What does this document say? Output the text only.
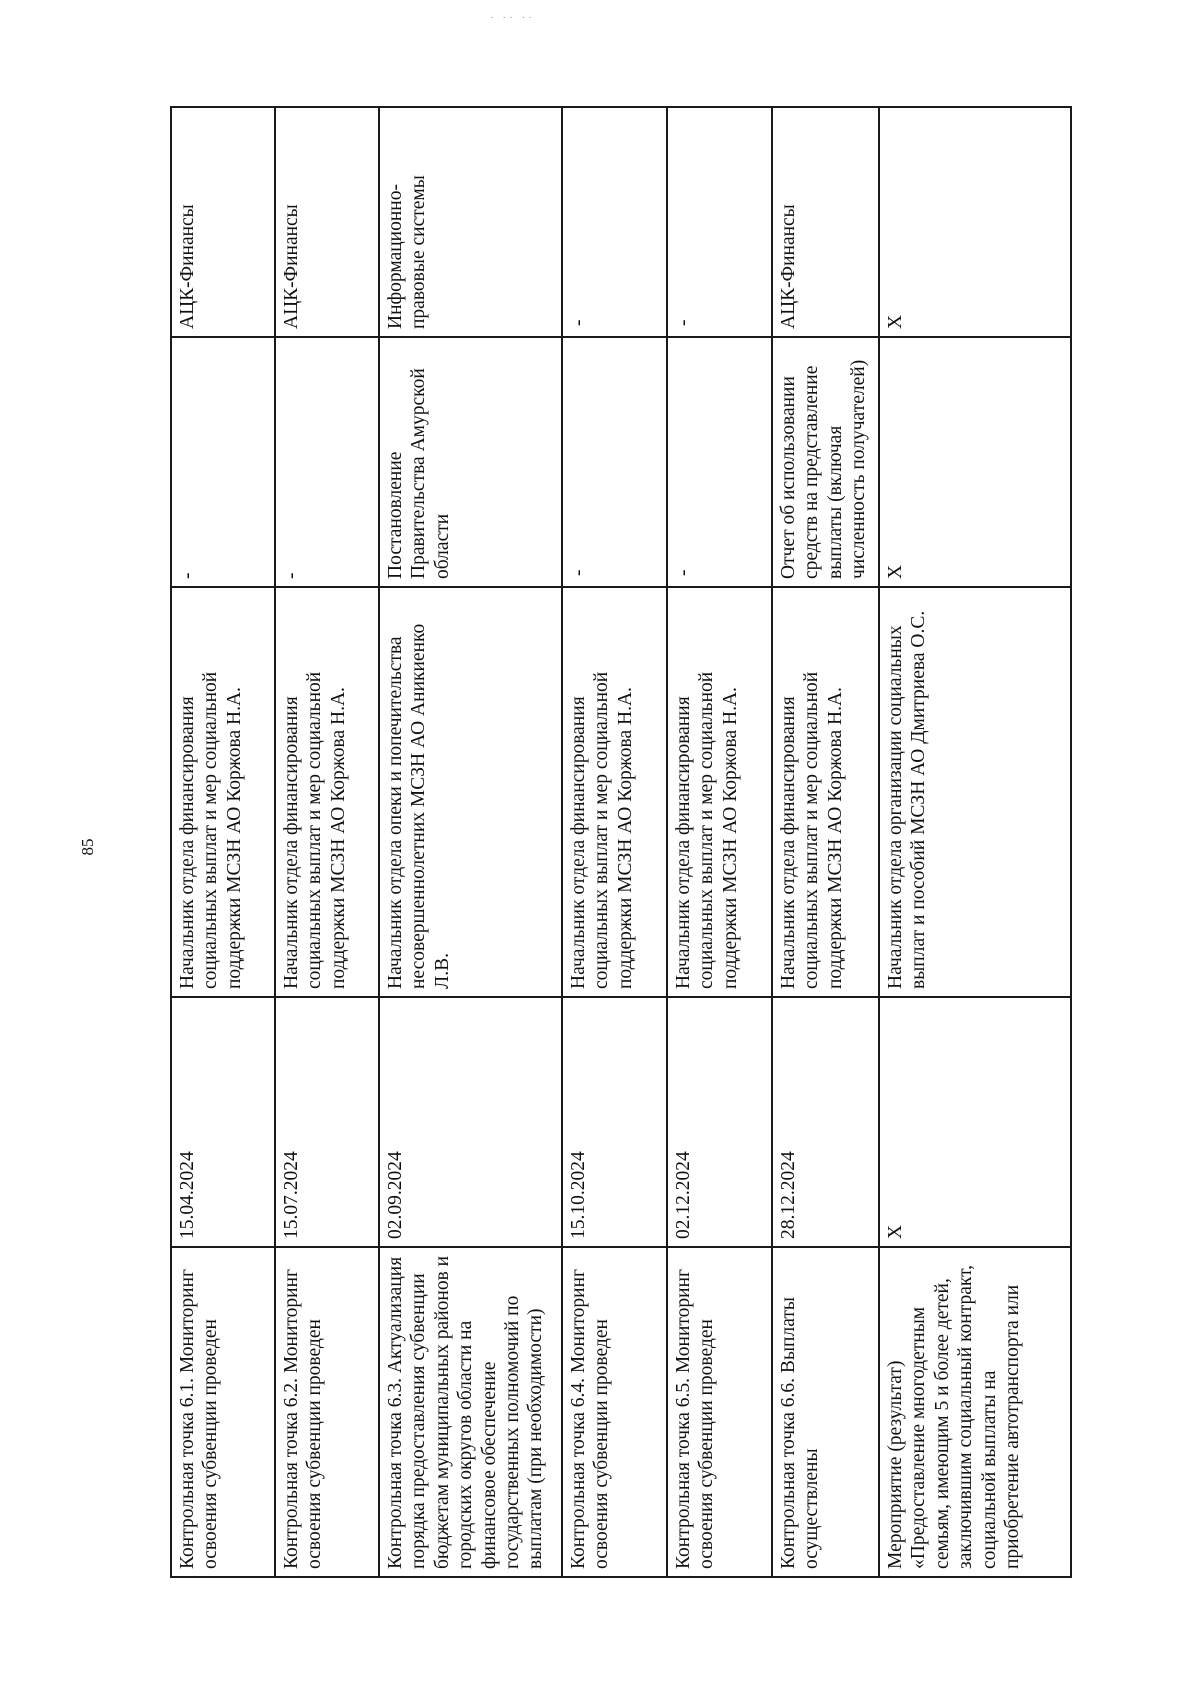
· ·· ··
85
Контрольная точка 6.1. Мониторинг освоения субвенции проведен	15.04.2024	Начальник отдела финансирования социальных выплат и мер социальной поддержки МСЗН АО Коржова Н.А.	-	АЦК-Финансы
Контрольная точка 6.2. Мониторинг освоения субвенции проведен	15.07.2024	Начальник отдела финансирования социальных выплат и мер социальной поддержки МСЗН АО Коржова Н.А.	-	АЦК-Финансы
Контрольная точка 6.3. Актуализация порядка предоставления субвенции бюджетам муниципальных районов и городских округов области на финансовое обеспечение государственных полномочий по выплатам (при необходимости)	02.09.2024	Начальник отдела опеки и попечительства несовершеннолетних МСЗН АО Аникиенко Л.В.	Постановление Правительства Амурской области	Информационно-правовые системы
Контрольная точка 6.4. Мониторинг освоения субвенции проведен	15.10.2024	Начальник отдела финансирования социальных выплат и мер социальной поддержки МСЗН АО Коржова Н.А.	-	-
Контрольная точка 6.5. Мониторинг освоения субвенции проведен	02.12.2024	Начальник отдела финансирования социальных выплат и мер социальной поддержки МСЗН АО Коржова Н.А.	-	-
Контрольная точка 6.6. Выплаты осуществлены	28.12.2024	Начальник отдела финансирования социальных выплат и мер социальной поддержки МСЗН АО Коржова Н.А.	Отчет об использовании средств на представление выплаты (включая численность получателей)	АЦК-Финансы
Мероприятие (результат) «Предоставление многодетным семьям, имеющим 5 и более детей, заключившим социальный контракт, социальной выплаты на приобретение автотранспорта или	X	Начальник отдела организации социальных выплат и пособий МСЗН АО Дмитриева О.С.	X	X
